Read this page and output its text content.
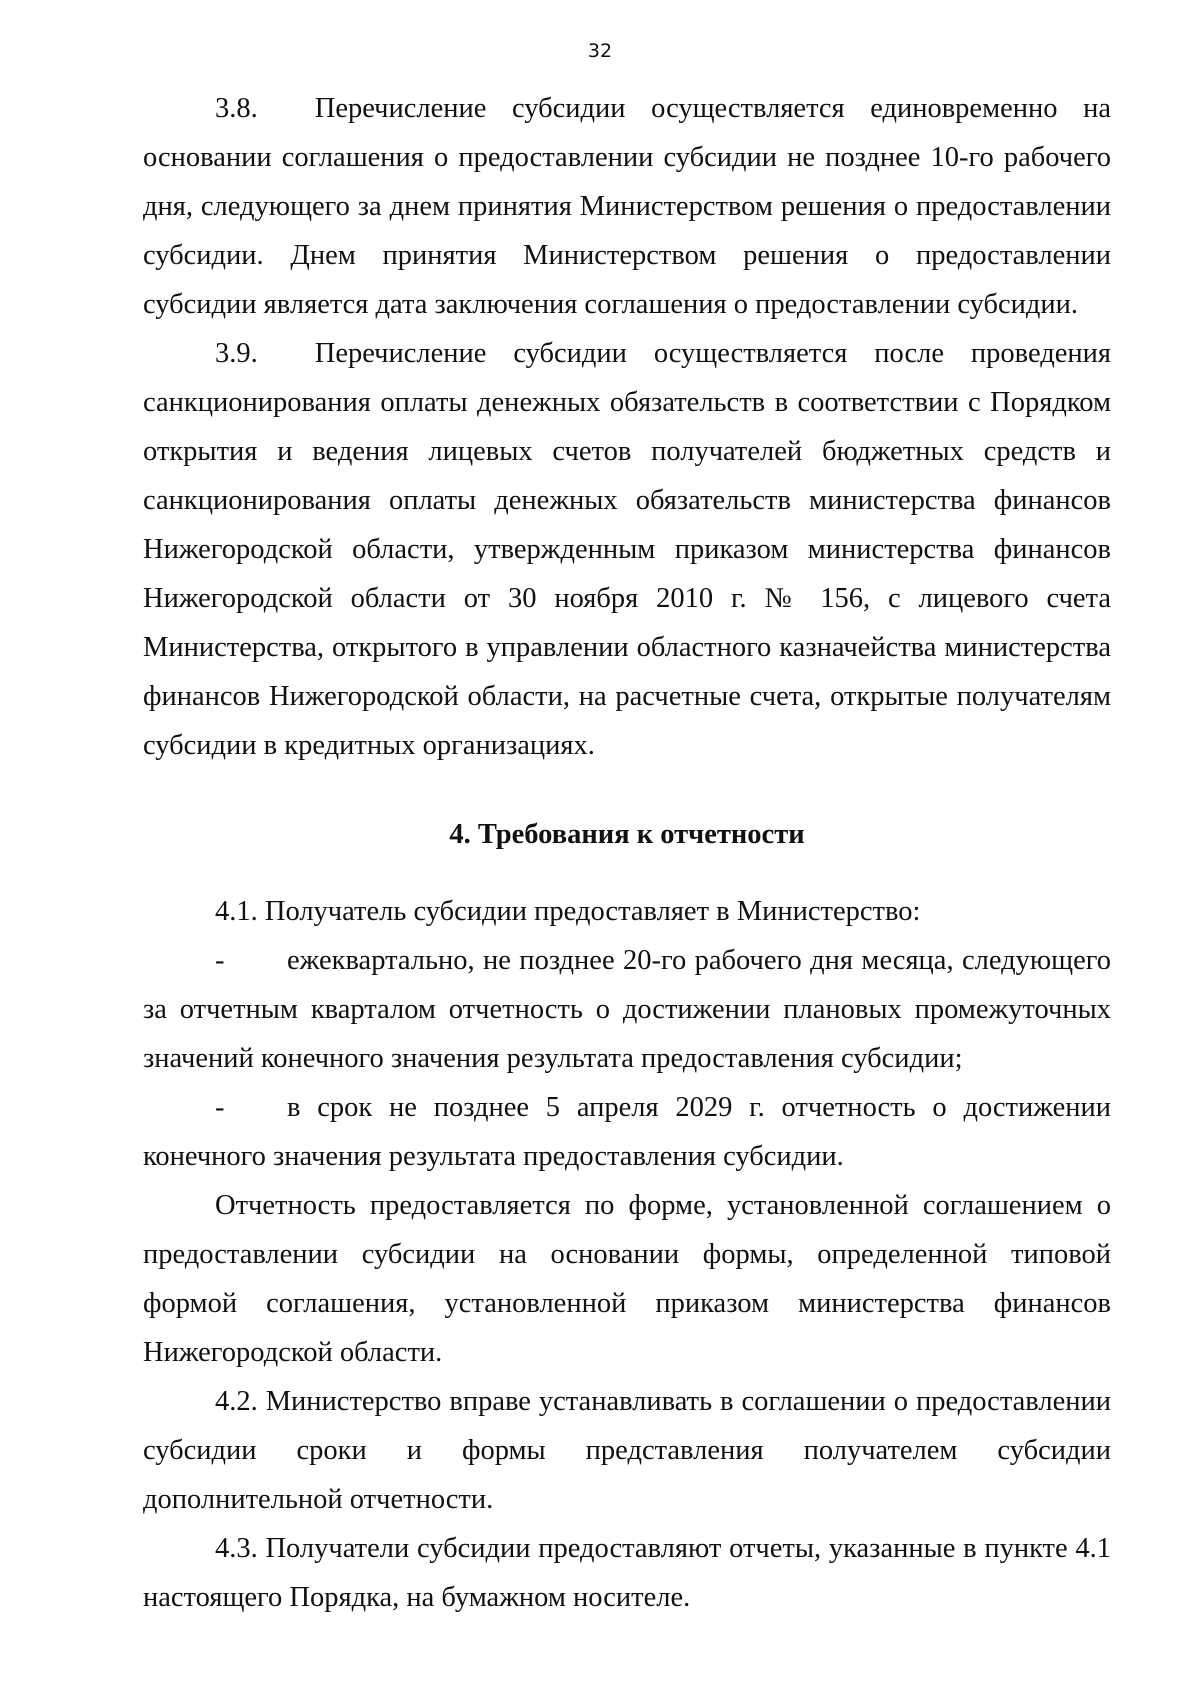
32

3.8.  Перечисление субсидии осуществляется единовременно на основании соглашения о предоставлении субсидии не позднее 10-го рабочего дня, следующего за днем принятия Министерством решения о предоставлении субсидии. Днем принятия Министерством решения о предоставлении субсидии является дата заключения соглашения о предоставлении субсидии.

3.9.  Перечисление субсидии осуществляется после проведения санкционирования оплаты денежных обязательств в соответствии с Порядком открытия и ведения лицевых счетов получателей бюджетных средств и санкционирования оплаты денежных обязательств министерства финансов Нижегородской области, утвержденным приказом министерства финансов Нижегородской области от 30 ноября 2010 г. № 156, с лицевого счета Министерства, открытого в управлении областного казначейства министерства финансов Нижегородской области, на расчетные счета, открытые получателям субсидии в кредитных организациях.

4. Требования к отчетности

4.1. Получатель субсидии предоставляет в Министерство:

- ежеквартально, не позднее 20-го рабочего дня месяца, следующего за отчетным кварталом отчетность о достижении плановых промежуточных значений конечного значения результата предоставления субсидии;

- в срок не позднее 5 апреля 2029 г. отчетность о достижении конечного значения результата предоставления субсидии.

Отчетность предоставляется по форме, установленной соглашением о предоставлении субсидии на основании формы, определенной типовой формой соглашения, установленной приказом министерства финансов Нижегородской области.

4.2. Министерство вправе устанавливать в соглашении о предоставлении субсидии сроки и формы представления получателем субсидии дополнительной отчетности.

4.3. Получатели субсидии предоставляют отчеты, указанные в пункте 4.1 настоящего Порядка, на бумажном носителе.
